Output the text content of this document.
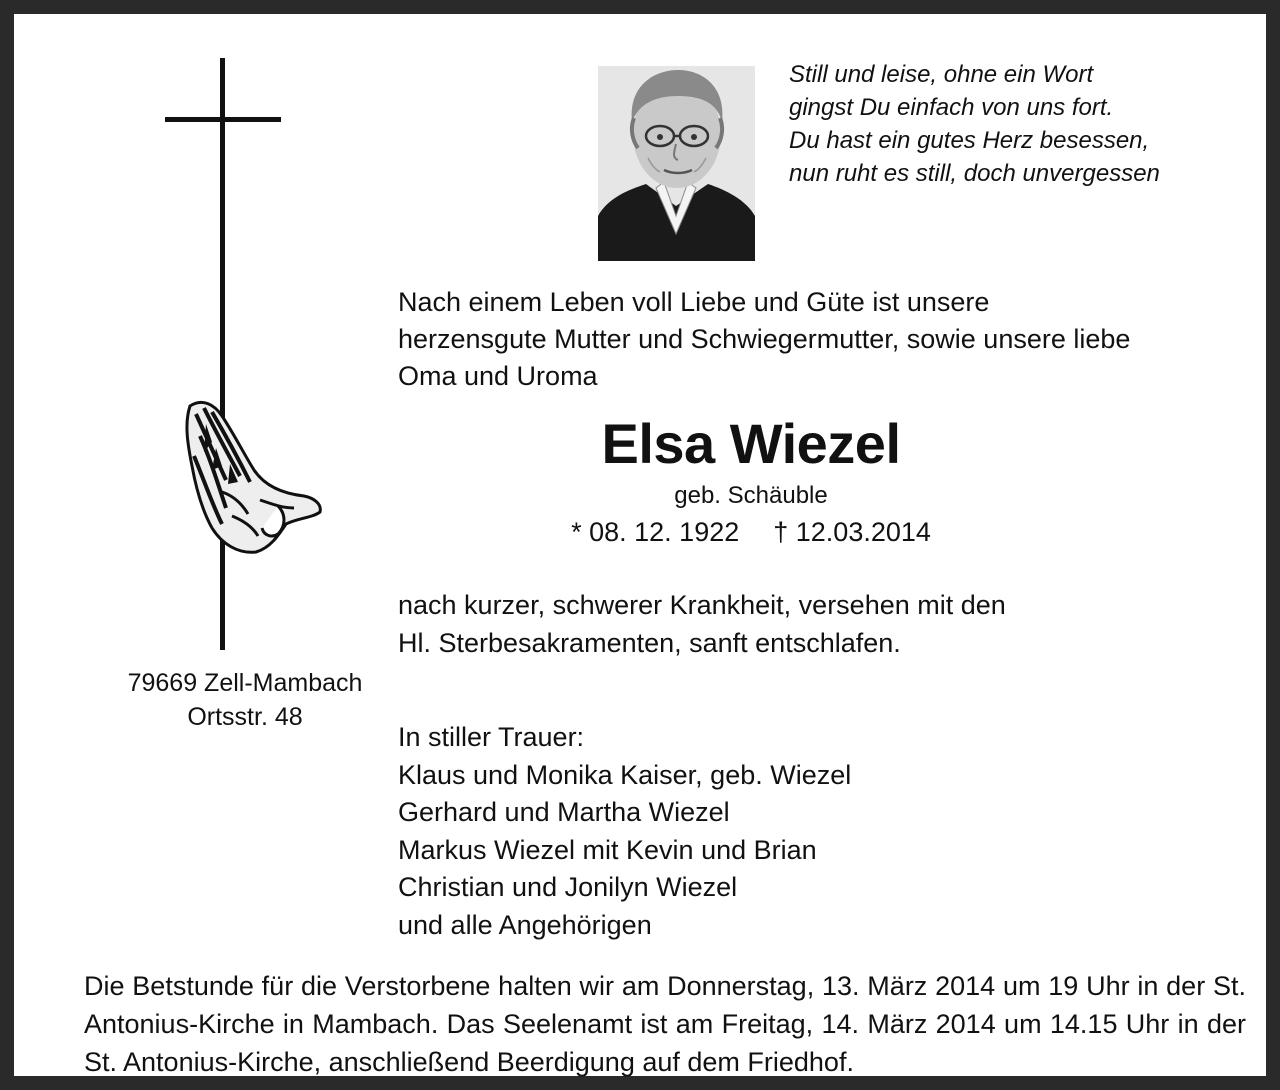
79669 Zell-Mambach
Ortsstr. 48
Still und leise, ohne ein Wort
gingst Du einfach von uns fort.
Du hast ein gutes Herz besessen,
nun ruht es still, doch unvergessen
Nach einem Leben voll Liebe und Güte ist unsere
herzensgute Mutter und Schwiegermutter, sowie unsere liebe
Oma und Uroma
Elsa Wiezel
geb. Schäuble
* 08. 12. 1922 † 12.03.2014
nach kurzer, schwerer Krankheit, versehen mit den
Hl. Sterbesakramenten, sanft entschlafen.
In stiller Trauer:
Klaus und Monika Kaiser, geb. Wiezel
Gerhard und Martha Wiezel
Markus Wiezel mit Kevin und Brian
Christian und Jonilyn Wiezel
und alle Angehörigen
Die Betstunde für die Verstorbene halten wir am Donnerstag, 13. März 2014 um 19 Uhr in der St. Antonius-Kirche in Mambach. Das Seelenamt ist am Freitag, 14. März 2014 um 14.15 Uhr in der St. Antonius-Kirche, anschließend Beerdigung auf dem Friedhof.
